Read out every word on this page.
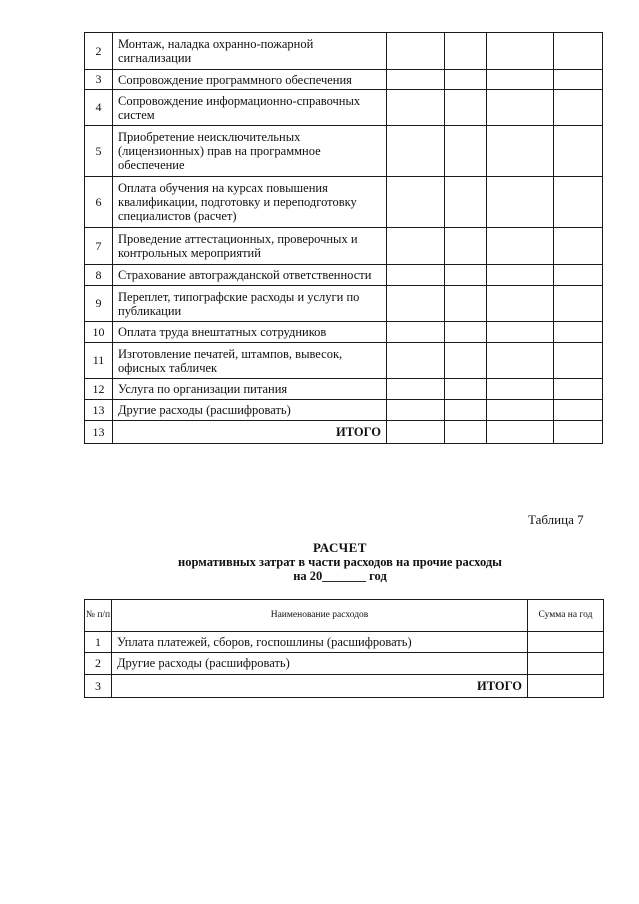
2	Монтаж, наладка охранно-пожарной сигнализации				
3	Сопровождение программного обеспечения				
4	Сопровождение информационно-справочных систем				
5	Приобретение неисключительных (лицензионных) прав на программное обеспечение				
6	Оплата обучения на курсах повышения квалификации, подготовку и переподготовку специалистов (расчет)				
7	Проведение аттестационных, проверочных и контрольных мероприятий				
8	Страхование автогражданской ответственности				
9	Переплет, типографские расходы и услуги по публикации				
10	Оплата труда внештатных сотрудников				
11	Изготовление печатей, штампов, вывесок, офисных табличек				
12	Услуга по организации питания				
13	Другие расходы (расшифровать)				
13	ИТОГО				
Таблица 7
РАСЧЕТ
нормативных затрат в части расходов на прочие расходы
на 20_______ год
№ п/п	Наименование расходов	Сумма на год
1	Уплата платежей, сборов, госпошлины (расшифровать)	
2	Другие расходы (расшифровать)	
3	ИТОГО	
